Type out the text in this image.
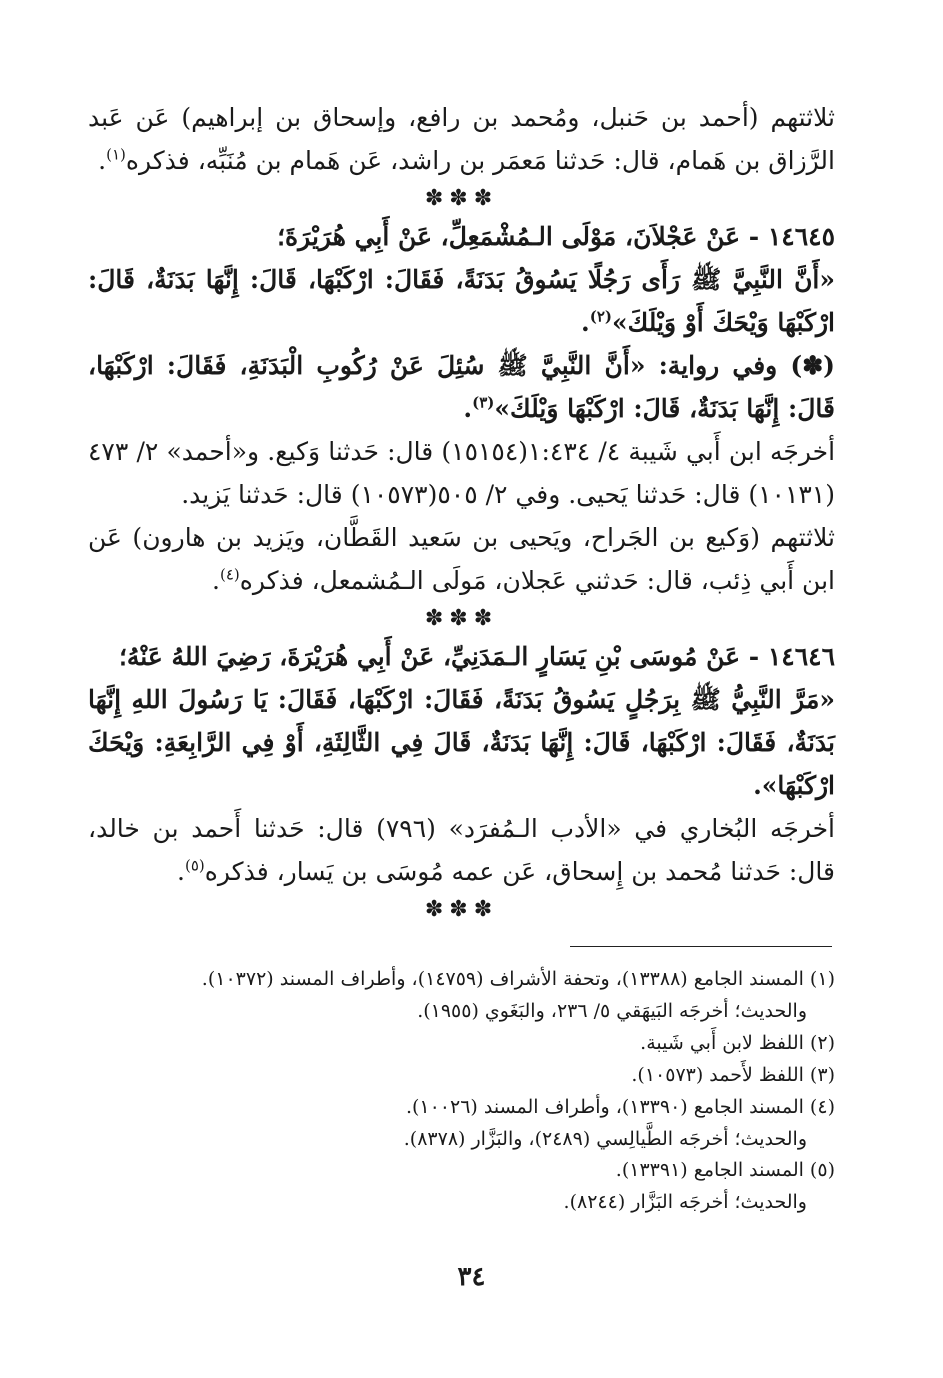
ثلاثتهم (أحمد بن حَنبل، ومُحمد بن رافع، وإسحاق بن إبراهيم) عَن عَبد الرَّزاق بن هَمام، قال: حَدثنا مَعمَر بن راشد، عَن هَمام بن مُنَبِّه، فذكره$^{(١)}$.

✽✽✽

١٤٦٤٥ - عَنْ عَجْلاَنَ، مَوْلَى الـمُشْمَعِلِّ، عَنْ أَبِي هُرَيْرَةَ؛

«أَنَّ النَّبِيَّ ﷺ رَأَى رَجُلًا يَسُوقُ بَدَنَةً، فَقَالَ: ارْكَبْهَا، قَالَ: إِنَّهَا بَدَنَةٌ، قَالَ: ارْكَبْهَا وَيْحَكَ أَوْ وَيْلَكَ»$^{(٢)}$.

(✽) وفي رواية: «أَنَّ النَّبِيَّ ﷺ سُئِلَ عَنْ رُكُوبِ الْبَدَنَةِ، فَقَالَ: ارْكَبْهَا، قَالَ: إِنَّهَا بَدَنَةٌ، قَالَ: ارْكَبْهَا وَيْلَكَ»$^{(٣)}$.

أخرجَه ابن أَبي شَيبة ٤/ ١:٤٣٤(١٥١٥٤) قال: حَدثنا وَكيع. و«أحمد» ٢/ ٤٧٣ (١٠١٣١) قال: حَدثنا يَحيى. وفي ٢/ ٥٠٥(١٠٥٧٣) قال: حَدثنا يَزيد.

ثلاثتهم (وَكيع بن الجَراح، ويَحيى بن سَعيد القَطَّان، ويَزيد بن هارون) عَن ابن أَبي ذِئب، قال: حَدثني عَجلان، مَولَى الـمُشمعل، فذكره$^{(٤)}$.

✽✽✽

١٤٦٤٦ - عَنْ مُوسَى بْنِ يَسَارٍ الـمَدَنِيِّ، عَنْ أَبِي هُرَيْرَةَ، رَضِيَ اللهُ عَنْهُ؛

«مَرَّ النَّبِيُّ ﷺ بِرَجُلٍ يَسُوقُ بَدَنَةً، فَقَالَ: ارْكَبْهَا، فَقَالَ: يَا رَسُولَ اللهِ إِنَّهَا بَدَنَةٌ، فَقَالَ: ارْكَبْهَا، قَالَ: إِنَّهَا بَدَنَةٌ، قَالَ فِي الثَّالِثَةِ، أَوْ فِي الرَّابِعَةِ: وَيْحَكَ ارْكَبْهَا».

أخرجَه البُخاري في «الأدب الـمُفرَد» (٧٩٦) قال: حَدثنا أَحمد بن خالد، قال: حَدثنا مُحمد بن إِسحاق، عَن عمه مُوسَى بن يَسار، فذكره$^{(٥)}$.

✽✽✽

(١) المسند الجامع (١٣٣٨٨)، وتحفة الأشراف (١٤٧٥٩)، وأطراف المسند (١٠٣٧٢).

والحديث؛ أخرجَه البَيهَقي ٥/ ٢٣٦، والبَغَوي (١٩٥٥).

(٢) اللفظ لابن أَبي شَيبة.

(٣) اللفظ لأَحمد (١٠٥٧٣).

(٤) المسند الجامع (١٣٣٩٠)، وأطراف المسند (١٠٠٢٦).

والحديث؛ أخرجَه الطَّيالِسي (٢٤٨٩)، والبَزَّار (٨٣٧٨).

(٥) المسند الجامع (١٣٣٩١).

والحديث؛ أخرجَه البَزَّار (٨٢٤٤).

٣٤
